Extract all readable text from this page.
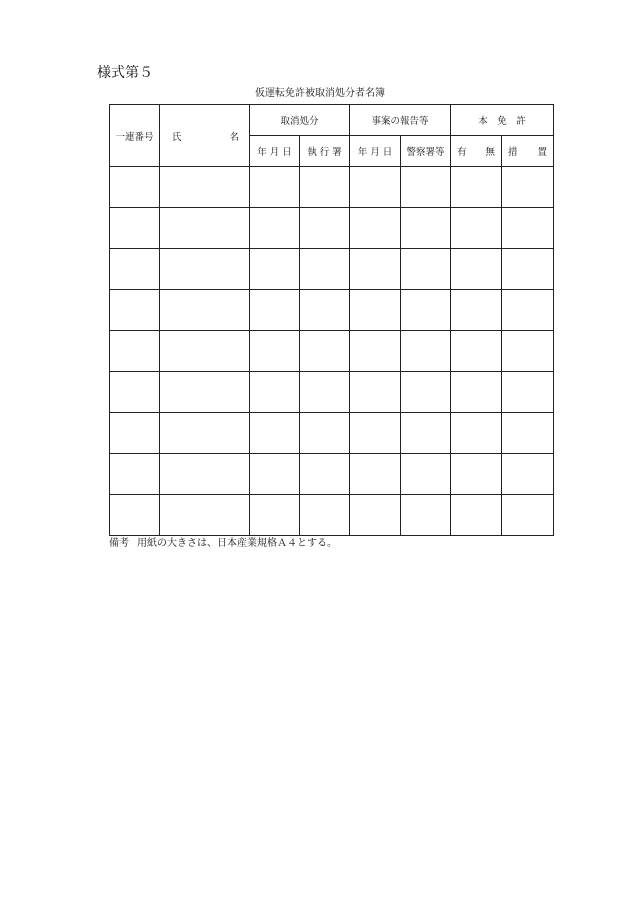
様式第５
仮運転免許被取消処分者名簿
一連番号	氏 名	取消処分		事案の報告等		本　免　許	
		年 月 日	執 行 署	年 月 日	警察署等	有 無	措 置

備考 用紙の大きさは、日本産業規格Ａ４とする。
